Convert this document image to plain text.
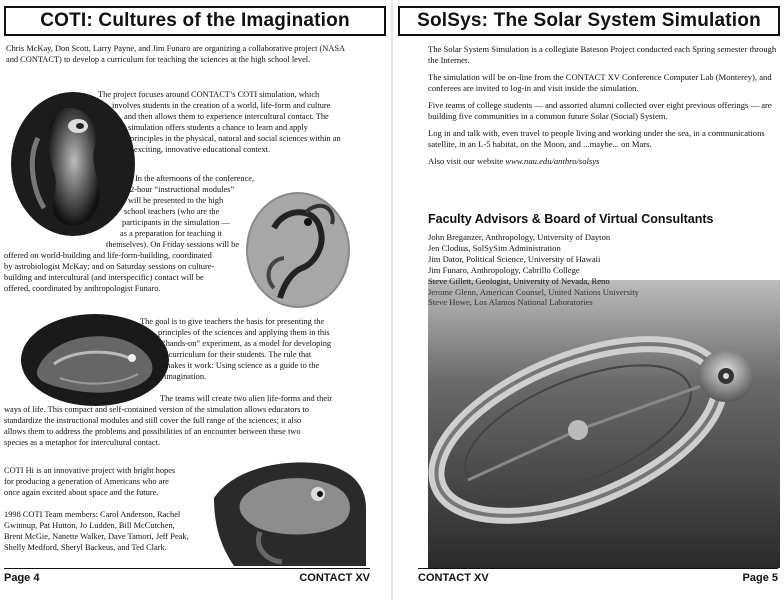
COTI: Cultures of the Imagination
Chris McKay, Don Scott, Larry Payne, and Jim Funaro are organizing a collaborative project (NASA and CONTACT) to develop a curriculum for teaching the sciences at the high school level.
The project focuses around CONTACT’s COTI simulation, which
involves students in the creation of a world, life-form and culture
and then allows them to experience intercultural contact. The
simulation offers students a chance to learn and apply
principles in the physical, natural and social sciences within an
exciting, innovative educational context.
In the afternoons of the conference,
2-hour “instructional modules”
will be presented to the high
school teachers (who are the
participants in the simulation —
as a preparation for teaching it
themselves). On Friday sessions will be
offered on world-building and life-form-building, coordinated
by astrobiologist McKay; and on Saturday sessions on culture-
building and intercultural (and interspecific) contact will be
offered, coordinated by anthropologist Funaro.
The goal is to give teachers the basis for presenting the
principles of the sciences and applying them in this
“hands-on” experiment, as a model for developing
a curriculum for their students. The rule that
makes it work: Using science as a guide to the
imagination.
The teams will create two alien life-forms and their
ways of life. This compact and self-contained version of the simulation allows educators to
standardize the instructional modules and still cover the full range of the sciences; it also
allows them to address the problems and possibilities of an encounter between these two
species as a metaphor for intercultural contact.
COTI Hi is an innovative project with bright hopes
for producing a generation of Americans who are
once again excited about space and the future.
1998 COTI Team members: Carol Anderson, Rachel
Gwinnup, Pat Hutton, Jo Ludden, Bill McCutchen,
Brent McGie, Nanette Walker, Dave Tamori, Jeff Peak,
Shelly Medford, Sheryl Backeus, and Ted Clark.
Page 4	CONTACT XV
SolSys: The Solar System Simulation

The Solar System Simulation is a collegiate Bateson Project conducted each Spring semester through the Internet.

The simulation will be on-line from the CONTACT XV Conference Computer Lab (Monterey), and conferees are invited to log-in and visit inside the simulation.

Five teams of college students — and assorted alumni collected over eight previous offerings — are building five communities in a common future Solar (Social) System.

Log in and talk with, even travel to people living and working under the sea, in a communications satellite, in an L-5 habitat, on the Moon, and ...maybe... on Mars.

Also visit our website www.nau.edu/anthro/solsys

Faculty Advisors & Board of Virtual Consultants
John Breganzer, Anthropology, University of Dayton
Jen Clodius, SolSySim Administration
Jim Dator, Political Science, University of Hawaii
Jim Funaro, Anthropology, Cabrillo College
Steve Gillett, Geologist, University of Nevada, Reno
Jerome Glenn, American Counsel, United Nations University
Steve Howe, Los Alamos National Laboratories
CONTACT XV	Page 5
